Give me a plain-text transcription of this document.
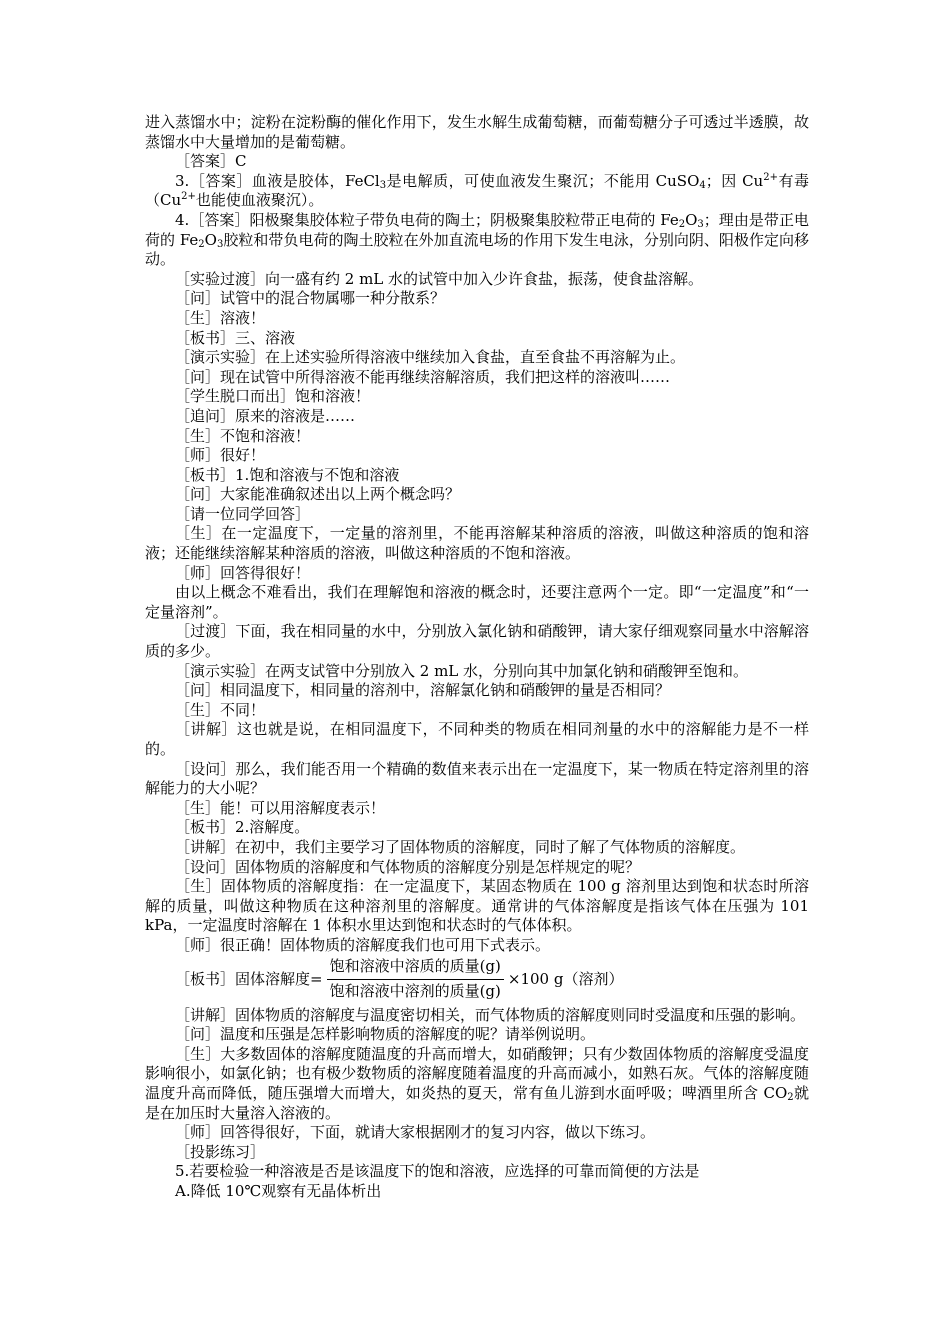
进入蒸馏水中；淀粉在淀粉酶的催化作用下，发生水解生成葡萄糖，而葡萄糖分子可透过半透膜，故蒸馏水中大量增加的是葡萄糖。

［答案］C

3.［答案］血液是胶体，FeCl$_3$是电解质，可使血液发生聚沉；不能用 CuSO$_4$；因 $Cu^{2+}$有毒（$Cu^{2+}$也能使血液聚沉）。

4.［答案］阳极聚集胶体粒子带负电荷的陶土；阴极聚集胶粒带正电荷的 $Fe_2O_3$；理由是带正电荷的 $Fe_2O_3$胶粒和带负电荷的陶土胶粒在外加直流电场的作用下发生电泳，分别向阴、阳极作定向移动。

［实验过渡］向一盛有约 2 mL 水的试管中加入少许食盐，振荡，使食盐溶解。

［问］试管中的混合物属哪一种分散系？

［生］溶液！

［板书］三、溶液

［演示实验］在上述实验所得溶液中继续加入食盐，直至食盐不再溶解为止。

［问］现在试管中所得溶液不能再继续溶解溶质，我们把这样的溶液叫……

［学生脱口而出］饱和溶液！

［追问］原来的溶液是……

［生］不饱和溶液！

［师］很好！

［板书］1.饱和溶液与不饱和溶液

［问］大家能准确叙述出以上两个概念吗？

［请一位同学回答］

［生］在一定温度下，一定量的溶剂里，不能再溶解某种溶质的溶液，叫做这种溶质的饱和溶液；还能继续溶解某种溶质的溶液，叫做这种溶质的不饱和溶液。

［师］回答得很好！

由以上概念不难看出，我们在理解饱和溶液的概念时，还要注意两个一定。即“一定温度”和“一定量溶剂”。

［过渡］下面，我在相同量的水中，分别放入氯化钠和硝酸钾，请大家仔细观察同量水中溶解溶质的多少。

［演示实验］在两支试管中分别放入 2 mL 水，分别向其中加氯化钠和硝酸钾至饱和。

［问］相同温度下，相同量的溶剂中，溶解氯化钠和硝酸钾的量是否相同？

［生］不同！

［讲解］这也就是说，在相同温度下，不同种类的物质在相同剂量的水中的溶解能力是不一样的。

［设问］那么，我们能否用一个精确的数值来表示出在一定温度下，某一物质在特定溶剂里的溶解能力的大小呢？

［生］能！可以用溶解度表示！

［板书］2.溶解度。

［讲解］在初中，我们主要学习了固体物质的溶解度，同时了解了气体物质的溶解度。

［设问］固体物质的溶解度和气体物质的溶解度分别是怎样规定的呢？

［生］固体物质的溶解度指：在一定温度下，某固态物质在 100 g 溶剂里达到饱和状态时所溶解的质量，叫做这种物质在这种溶剂里的溶解度。通常讲的气体溶解度是指该气体在压强为 101 kPa，一定温度时溶解在 1 体积水里达到饱和状态时的气体体积。

［师］很正确！固体物质的溶解度我们也可用下式表示。

［板书］固体溶解度= $\frac{\text{饱和溶液中溶质的质量(g)}}{\text{饱和溶液中溶剂的质量(g)}} \times 100$ g（溶剂）

［讲解］固体物质的溶解度与温度密切相关，而气体物质的溶解度则同时受温度和压强的影响。

［问］温度和压强是怎样影响物质的溶解度的呢？请举例说明。

［生］大多数固体的溶解度随温度的升高而增大，如硝酸钾；只有少数固体物质的溶解度受温度影响很小，如氯化钠；也有极少数物质的溶解度随着温度的升高而减小，如熟石灰。气体的溶解度随温度升高而降低，随压强增大而增大，如炎热的夏天，常有鱼儿游到水面呼吸；啤酒里所含 $CO_2$就是在加压时大量溶入溶液的。

［师］回答得很好，下面，就请大家根据刚才的复习内容，做以下练习。

［投影练习］

5.若要检验一种溶液是否是该温度下的饱和溶液，应选择的可靠而简便的方法是

A.降低 10℃观察有无晶体析出
